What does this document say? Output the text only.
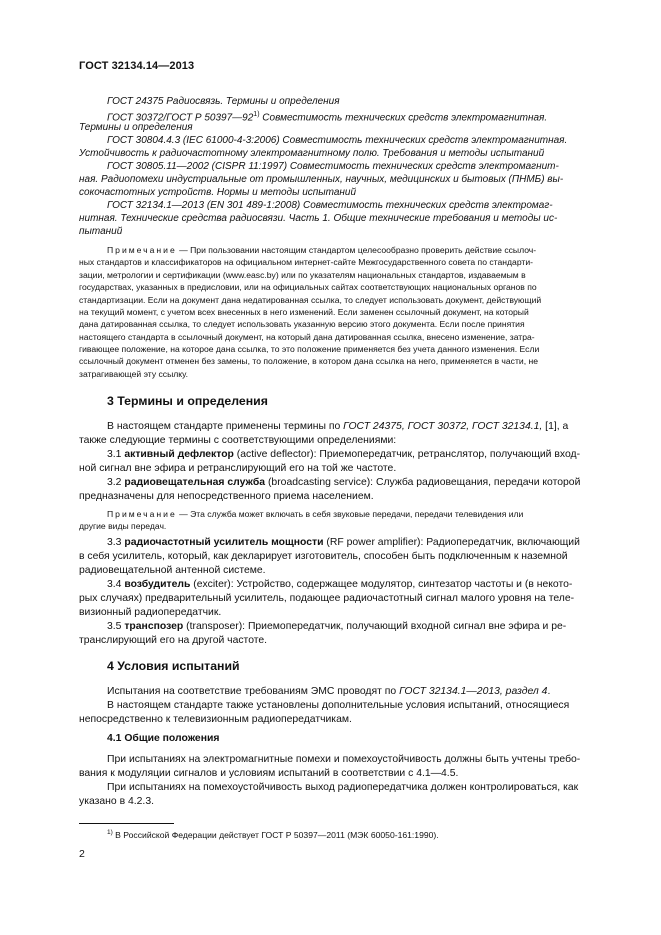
ГОСТ 32134.14—2013
ГОСТ 24375 Радиосвязь. Термины и определения
ГОСТ 30372/ГОСТ Р 50397—92$^{1)}$ Совместимость технических средств электромагнитная.
Термины и определения
ГОСТ 30804.4.3 (IEC 61000-4-3:2006) Совместимость технических средств электромагнитная.
Устойчивость к радиочастотному электромагнитному полю. Требования и методы испытаний
ГОСТ 30805.11—2002 (CISPR 11:1997) Совместимость технических средств электромагнит-
ная. Радиопомехи индустриальные от промышленных, научных, медицинских и бытовых (ПНМБ) вы-
сокочастотных устройств. Нормы и методы испытаний
ГОСТ 32134.1—2013 (EN 301 489-1:2008) Совместимость технических средств электромаг-
нитная. Технические средства радиосвязи. Часть 1. Общие технические требования и методы ис-
пытаний
Примечание — При пользовании настоящим стандартом целесообразно проверить действие ссылоч-
ных стандартов и классификаторов на официальном интернет-сайте Межгосударственного совета по стандарти-
зации, метрологии и сертификации (www.easc.by) или по указателям национальных стандартов, издаваемым в
государствах, указанных в предисловии, или на официальных сайтах соответствующих национальных органов по
стандартизации. Если на документ дана недатированная ссылка, то следует использовать документ, действующий
на текущий момент, с учетом всех внесенных в него изменений. Если заменен ссылочный документ, на который
дана датированная ссылка, то следует использовать указанную версию этого документа. Если после принятия
настоящего стандарта в ссылочный документ, на который дана датированная ссылка, внесено изменение, затра-
гивающее положение, на которое дана ссылка, то это положение применяется без учета данного изменения. Если
ссылочный документ отменен без замены, то положение, в котором дана ссылка на него, применяется в части, не
затрагивающей эту ссылку.
3 Термины и определения
В настоящем стандарте применены термины по ГОСТ 24375, ГОСТ 30372, ГОСТ 32134.1, [1], а
также следующие термины с соответствующими определениями:
3.1 активный дефлектор (active deflector): Приемопередатчик, ретранслятор, получающий вход-
ной сигнал вне эфира и ретранслирующий его на той же частоте.
3.2 радиовещательная служба (broadcasting service): Служба радиовещания, передачи которой
предназначены для непосредственного приема населением.
Примечание — Эта служба может включать в себя звуковые передачи, передачи телевидения или
другие виды передач.
3.3 радиочастотный усилитель мощности (RF power amplifier): Радиопередатчик, включающий
в себя усилитель, который, как декларирует изготовитель, способен быть подключенным к наземной
радиовещательной антенной системе.
3.4 возбудитель (exciter): Устройство, содержащее модулятор, синтезатор частоты и (в некото-
рых случаях) предварительный усилитель, подающее радиочастотный сигнал малого уровня на теле-
визионный радиопередатчик.
3.5 транспозер (transposer): Приемопередатчик, получающий входной сигнал вне эфира и ре-
транслирующий его на другой частоте.
4 Условия испытаний
Испытания на соответствие требованиям ЭМС проводят по ГОСТ 32134.1—2013, раздел 4.
В настоящем стандарте также установлены дополнительные условия испытаний, относящиеся
непосредственно к телевизионным радиопередатчикам.
4.1 Общие положения
При испытаниях на электромагнитные помехи и помехоустойчивость должны быть учтены требо-
вания к модуляции сигналов и условиям испытаний в соответствии с 4.1—4.5.
При испытаниях на помехоустойчивость выход радиопередатчика должен контролироваться, как
указано в 4.2.3.
$^{1)}$ В Российской Федерации действует ГОСТ Р 50397—2011 (МЭК 60050-161:1990).
2
